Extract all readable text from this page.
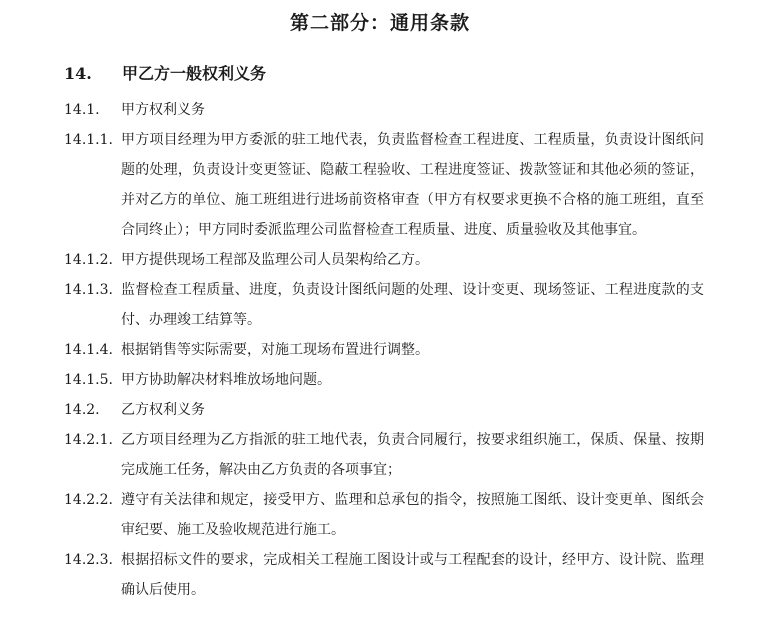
第二部分：通用条款
14. 甲乙方一般权利义务
14.1.	甲方权利义务
14.1.1. 甲方项目经理为甲方委派的驻工地代表，负责监督检查工程进度、工程质量，负责设计图纸问题的处理，负责设计变更签证、隐蔽工程验收、工程进度签证、拨款签证和其他必须的签证，并对乙方的单位、施工班组进行进场前资格审查（甲方有权要求更换不合格的施工班组，直至合同终止）；甲方同时委派监理公司监督检查工程质量、进度、质量验收及其他事宜。
14.1.2. 甲方提供现场工程部及监理公司人员架构给乙方。
14.1.3. 监督检查工程质量、进度，负责设计图纸问题的处理、设计变更、现场签证、工程进度款的支付、办理竣工结算等。
14.1.4. 根据销售等实际需要，对施工现场布置进行调整。
14.1.5. 甲方协助解决材料堆放场地问题。
14.2.	乙方权利义务
14.2.1. 乙方项目经理为乙方指派的驻工地代表，负责合同履行，按要求组织施工，保质、保量、按期完成施工任务，解决由乙方负责的各项事宜；
14.2.2. 遵守有关法律和规定，接受甲方、监理和总承包的指令，按照施工图纸、设计变更单、图纸会审纪要、施工及验收规范进行施工。
14.2.3. 根据招标文件的要求，完成相关工程施工图设计或与工程配套的设计，经甲方、设计院、监理确认后使用。
